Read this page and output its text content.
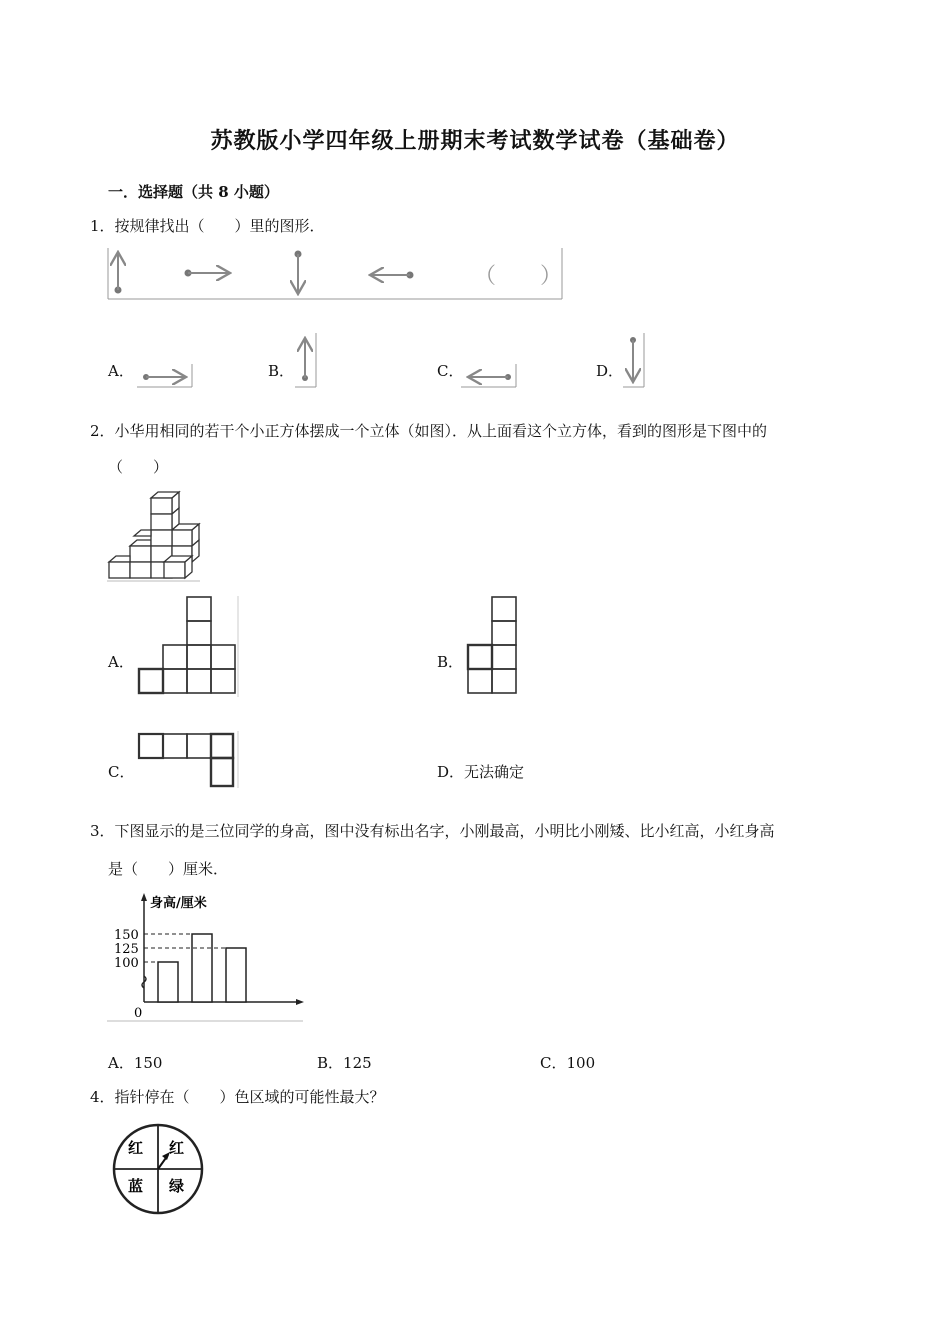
苏教版小学四年级上册期末考试数学试卷（基础卷）
一．选择题（共 8 小题）
1．按规律找出（　　）里的图形．
（　　）
A．	B．	C．	D．
2．小华用相同的若干个小正方体摆成一个立体（如图）．从上面看这个立方体，看到的图形是下图中的
（　　）
A．	B．
C．	D．无法确定
3．下图显示的是三位同学的身高，图中没有标出名字，小刚最高，小明比小刚矮、比小红高，小红身高
是（　　）厘米．
身高/厘米
0
100
125
150
A．150	B．125	C．100
4．指针停在（　　）色区域的可能性最大？
红 红
蓝 绿
